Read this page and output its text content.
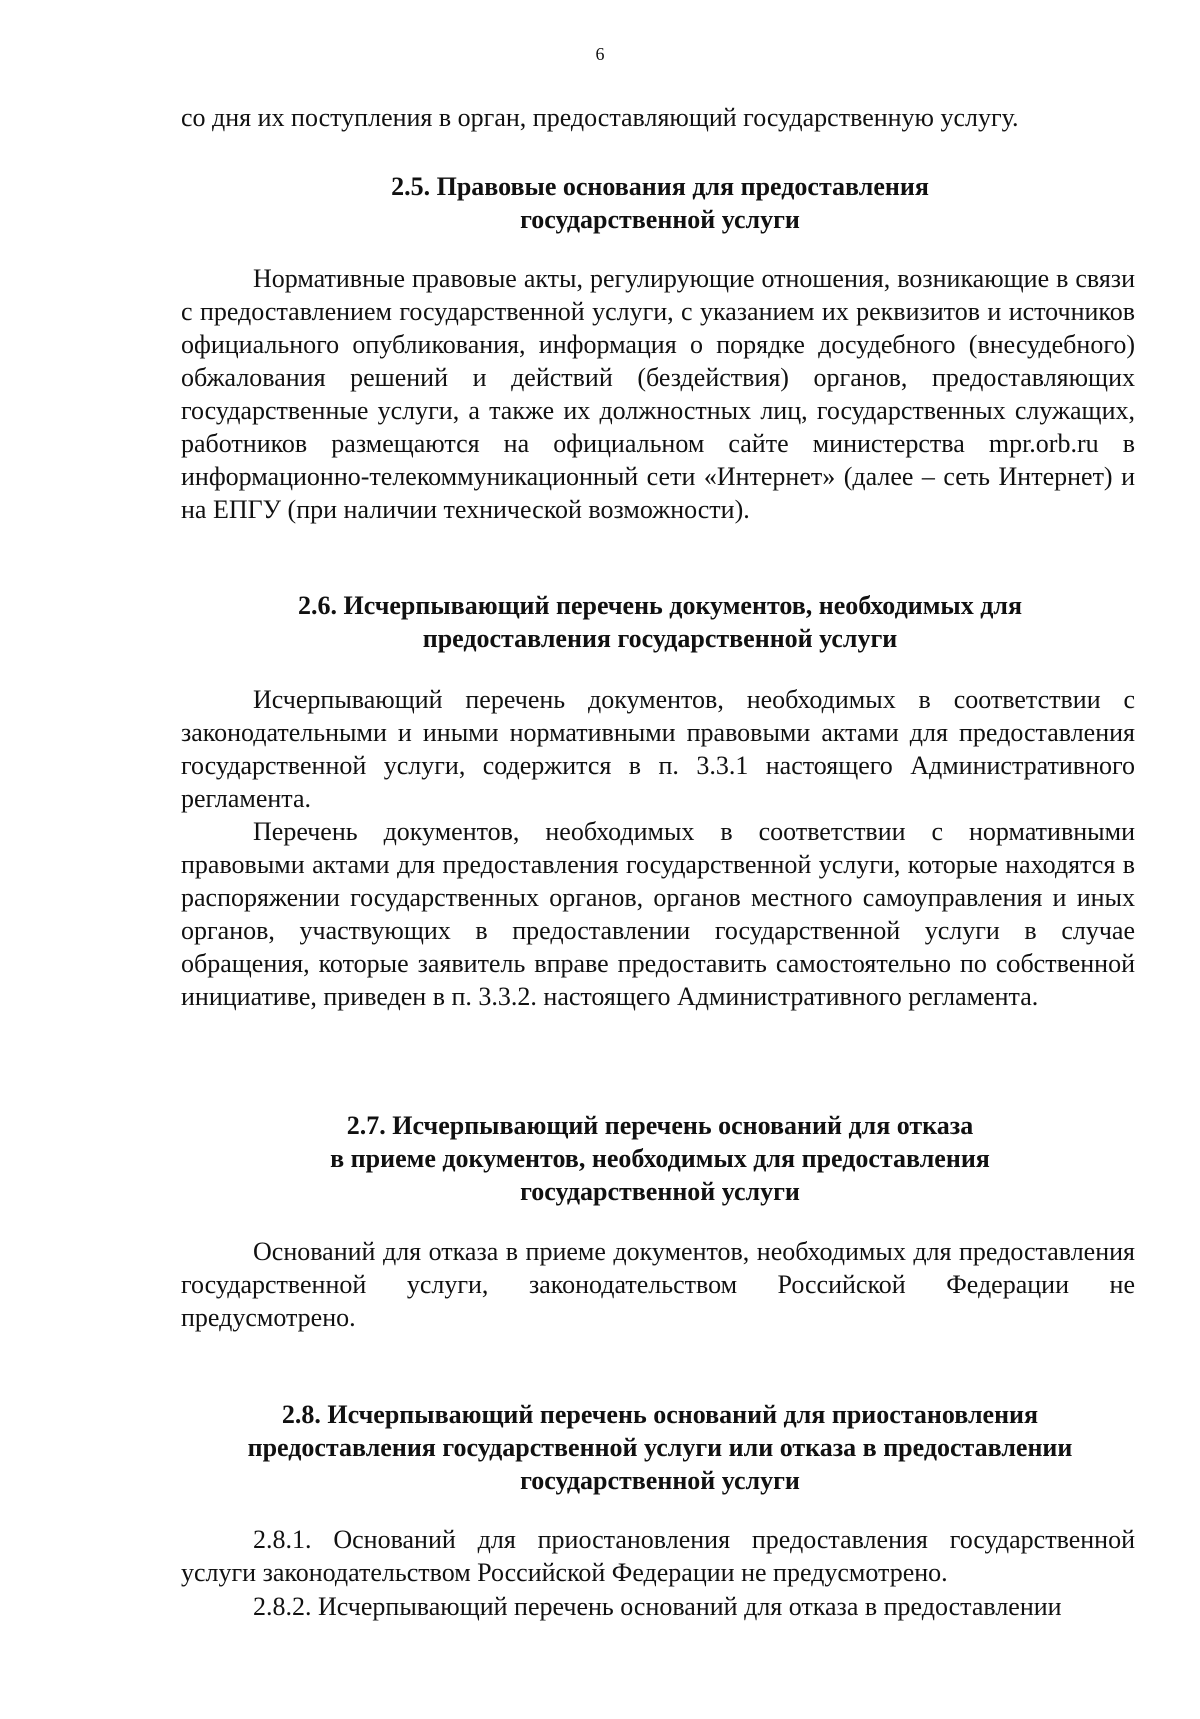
6
со дня их поступления в орган, предоставляющий государственную услугу.
2.5. Правовые основания для предоставления
государственной услуги
Нормативные правовые акты, регулирующие отношения, возникающие в связи с предоставлением государственной услуги, с указанием их реквизитов и источников официального опубликования, информация о порядке досудебного (внесудебного) обжалования решений и действий (бездействия) органов, предоставляющих государственные услуги, а также их должностных лиц, государственных служащих, работников размещаются на официальном сайте министерства mpr.orb.ru в информационно-телекоммуникационный сети «Интернет» (далее – сеть Интернет) и на ЕПГУ (при наличии технической возможности).
2.6. Исчерпывающий перечень документов, необходимых для
предоставления государственной услуги
Исчерпывающий перечень документов, необходимых в соответствии с законодательными и иными нормативными правовыми актами для предоставления государственной услуги, содержится в п. 3.3.1 настоящего Административного регламента.
Перечень документов, необходимых в соответствии с нормативными правовыми актами для предоставления государственной услуги, которые находятся в распоряжении государственных органов, органов местного самоуправления и иных органов, участвующих в предоставлении государственной услуги в случае обращения, которые заявитель вправе предоставить самостоятельно по собственной инициативе, приведен в п. 3.3.2. настоящего Административного регламента.
2.7. Исчерпывающий перечень оснований для отказа
в приеме документов, необходимых для предоставления
государственной услуги
Оснований для отказа в приеме документов, необходимых для предоставления государственной услуги, законодательством Российской Федерации не предусмотрено.
2.8. Исчерпывающий перечень оснований для приостановления
предоставления государственной услуги или отказа в предоставлении
государственной услуги
2.8.1. Оснований для приостановления предоставления государственной услуги законодательством Российской Федерации не предусмотрено.
2.8.2. Исчерпывающий перечень оснований для отказа в предоставлении
